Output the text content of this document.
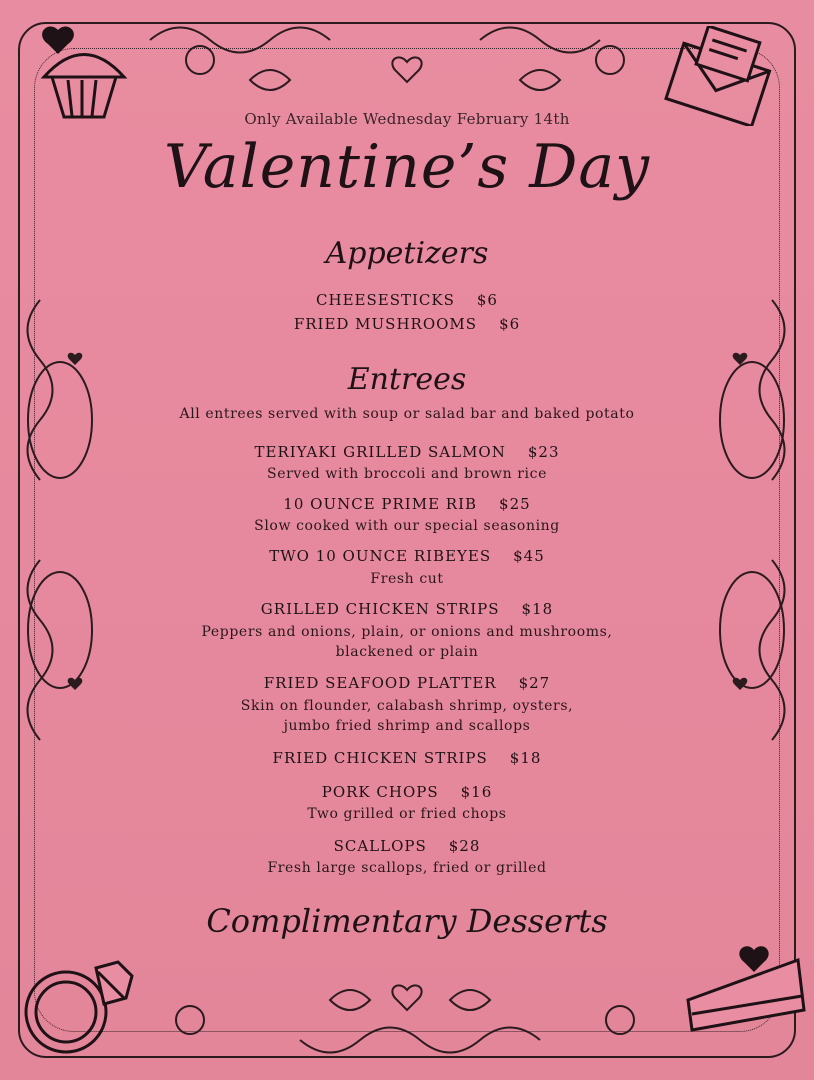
Only Available Wednesday February 14th
Valentine’s Day
Appetizers
CHEESESTICKS $6
FRIED MUSHROOMS $6
Entrees
All entrees served with soup or salad bar and baked potato
TERIYAKI GRILLED SALMON $23
Served with broccoli and brown rice
10 OUNCE PRIME RIB $25
Slow cooked with our special seasoning
TWO 10 OUNCE RIBEYES $45
Fresh cut
GRILLED CHICKEN STRIPS $18
Peppers and onions, plain, or onions and mushrooms,
blackened or plain
FRIED SEAFOOD PLATTER $27
Skin on flounder, calabash shrimp, oysters,
jumbo fried shrimp and scallops
FRIED CHICKEN STRIPS $18
PORK CHOPS $16
Two grilled or fried chops
SCALLOPS $28
Fresh large scallops, fried or grilled
Complimentary Desserts
